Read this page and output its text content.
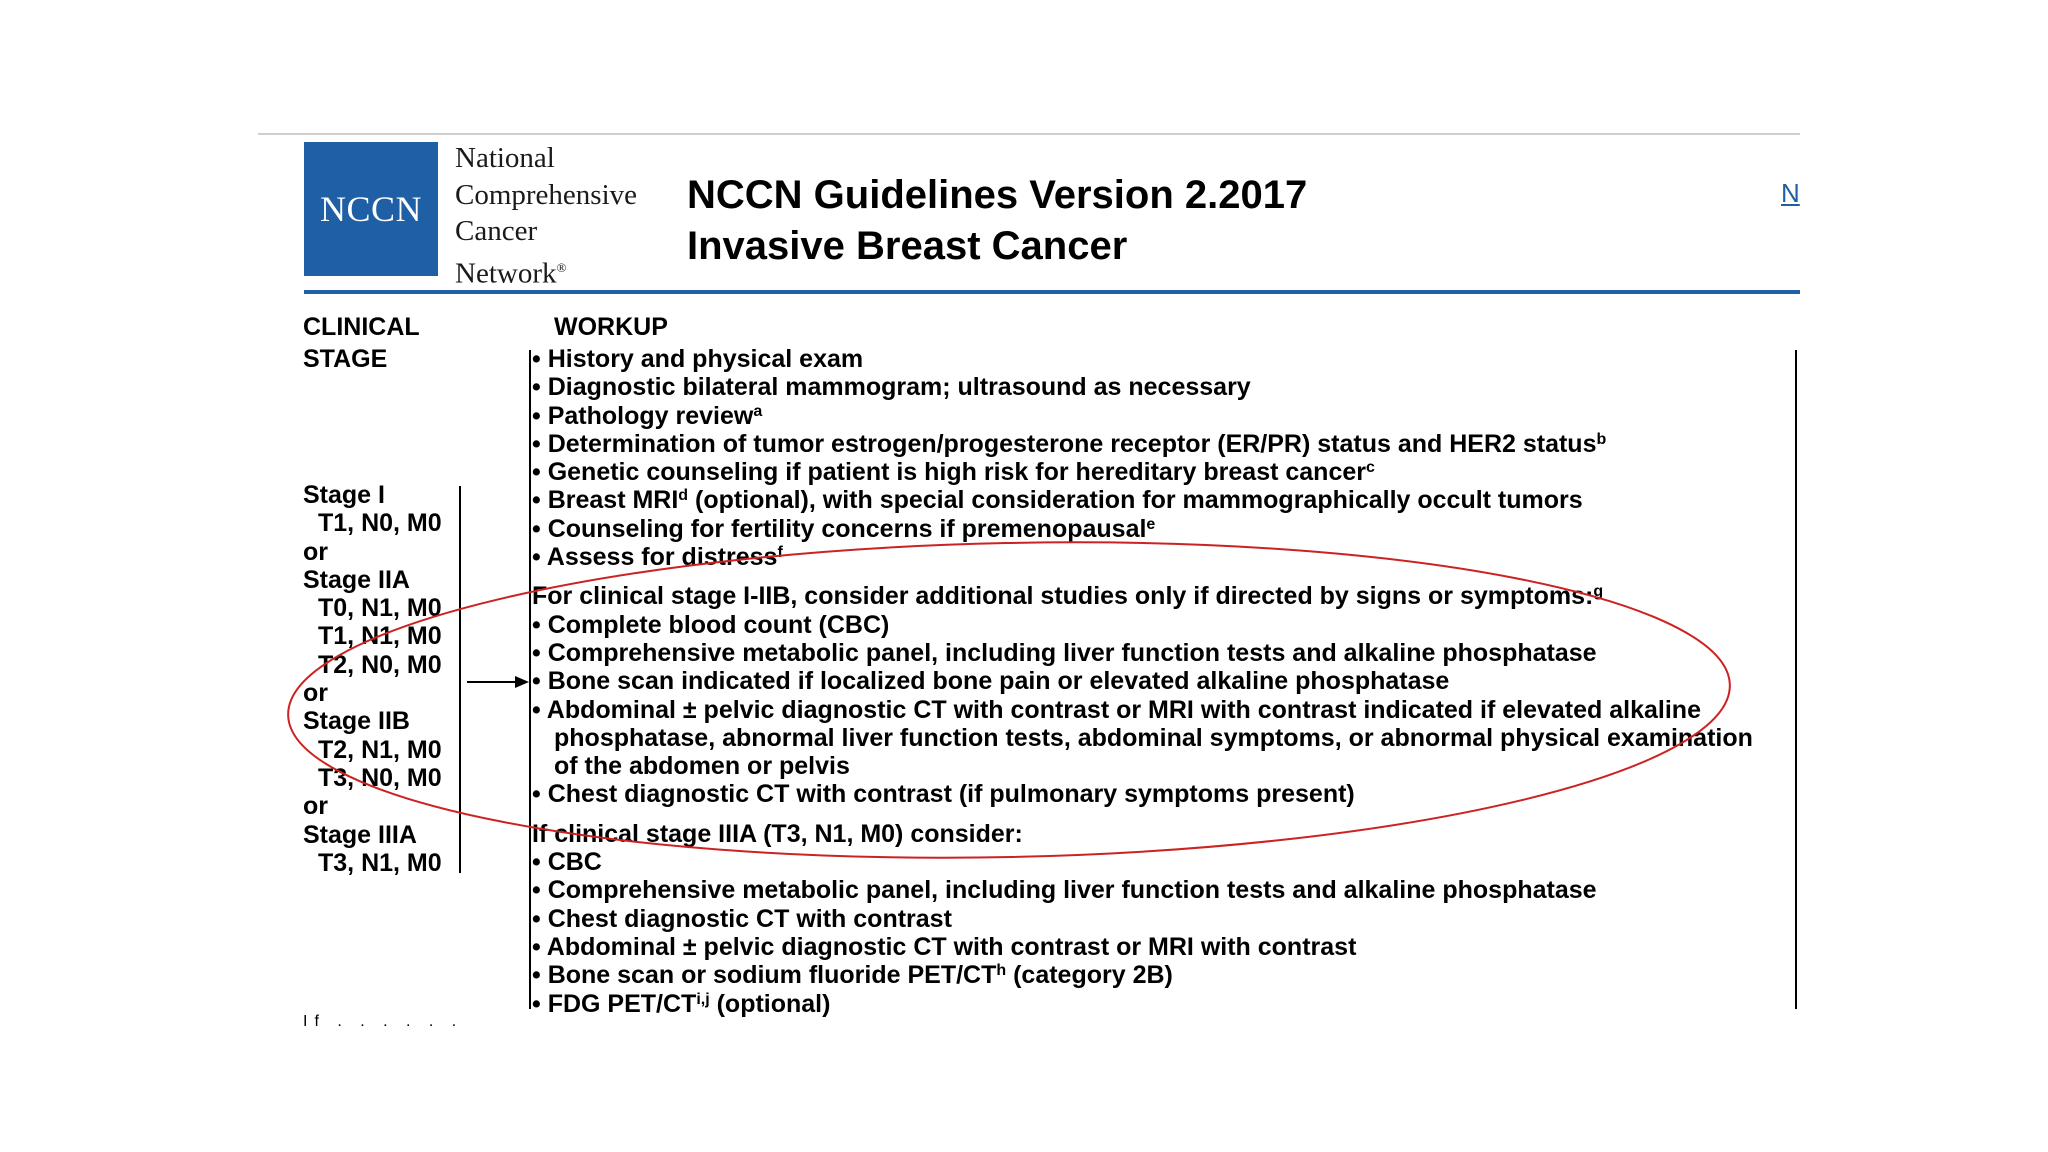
NCCN
National
Comprehensive
Cancer
Network®
NCCN Guidelines Version 2.2017
Invasive Breast Cancer
N
CLINICAL
STAGE
WORKUP
Stage I
T1, N0, M0
or
Stage IIA
T0, N1, M0
T1, N1, M0
T2, N0, M0
or
Stage IIB
T2, N1, M0
T3, N0, M0
or
Stage IIIA
T3, N1, M0
• History and physical exam
• Diagnostic bilateral mammogram; ultrasound as necessary
• Pathology review$^a$
• Determination of tumor estrogen/progesterone receptor (ER/PR) status and HER2 status$^b$
• Genetic counseling if patient is high risk for hereditary breast cancer$^c$
• Breast MRI$^d$ (optional), with special consideration for mammographically occult tumors
• Counseling for fertility concerns if premenopausal$^e$
• Assess for distress$^f$
For clinical stage I-IIB, consider additional studies only if directed by signs or symptoms:$^g$
• Complete blood count (CBC)
• Comprehensive metabolic panel, including liver function tests and alkaline phosphatase
• Bone scan indicated if localized bone pain or elevated alkaline phosphatase
• Abdominal ± pelvic diagnostic CT with contrast or MRI with contrast indicated if elevated alkaline
phosphatase, abnormal liver function tests, abdominal symptoms, or abnormal physical examination
of the abdomen or pelvis
• Chest diagnostic CT with contrast (if pulmonary symptoms present)
If clinical stage IIIA (T3, N1, M0) consider:
• CBC
• Comprehensive metabolic panel, including liver function tests and alkaline phosphatase
• Chest diagnostic CT with contrast
• Abdominal ± pelvic diagnostic CT with contrast or MRI with contrast
• Bone scan or sodium fluoride PET/$CT^h$ (category 2B)
• FDG PET/CT$^{i,j}$ (optional)
If . . . . . .
